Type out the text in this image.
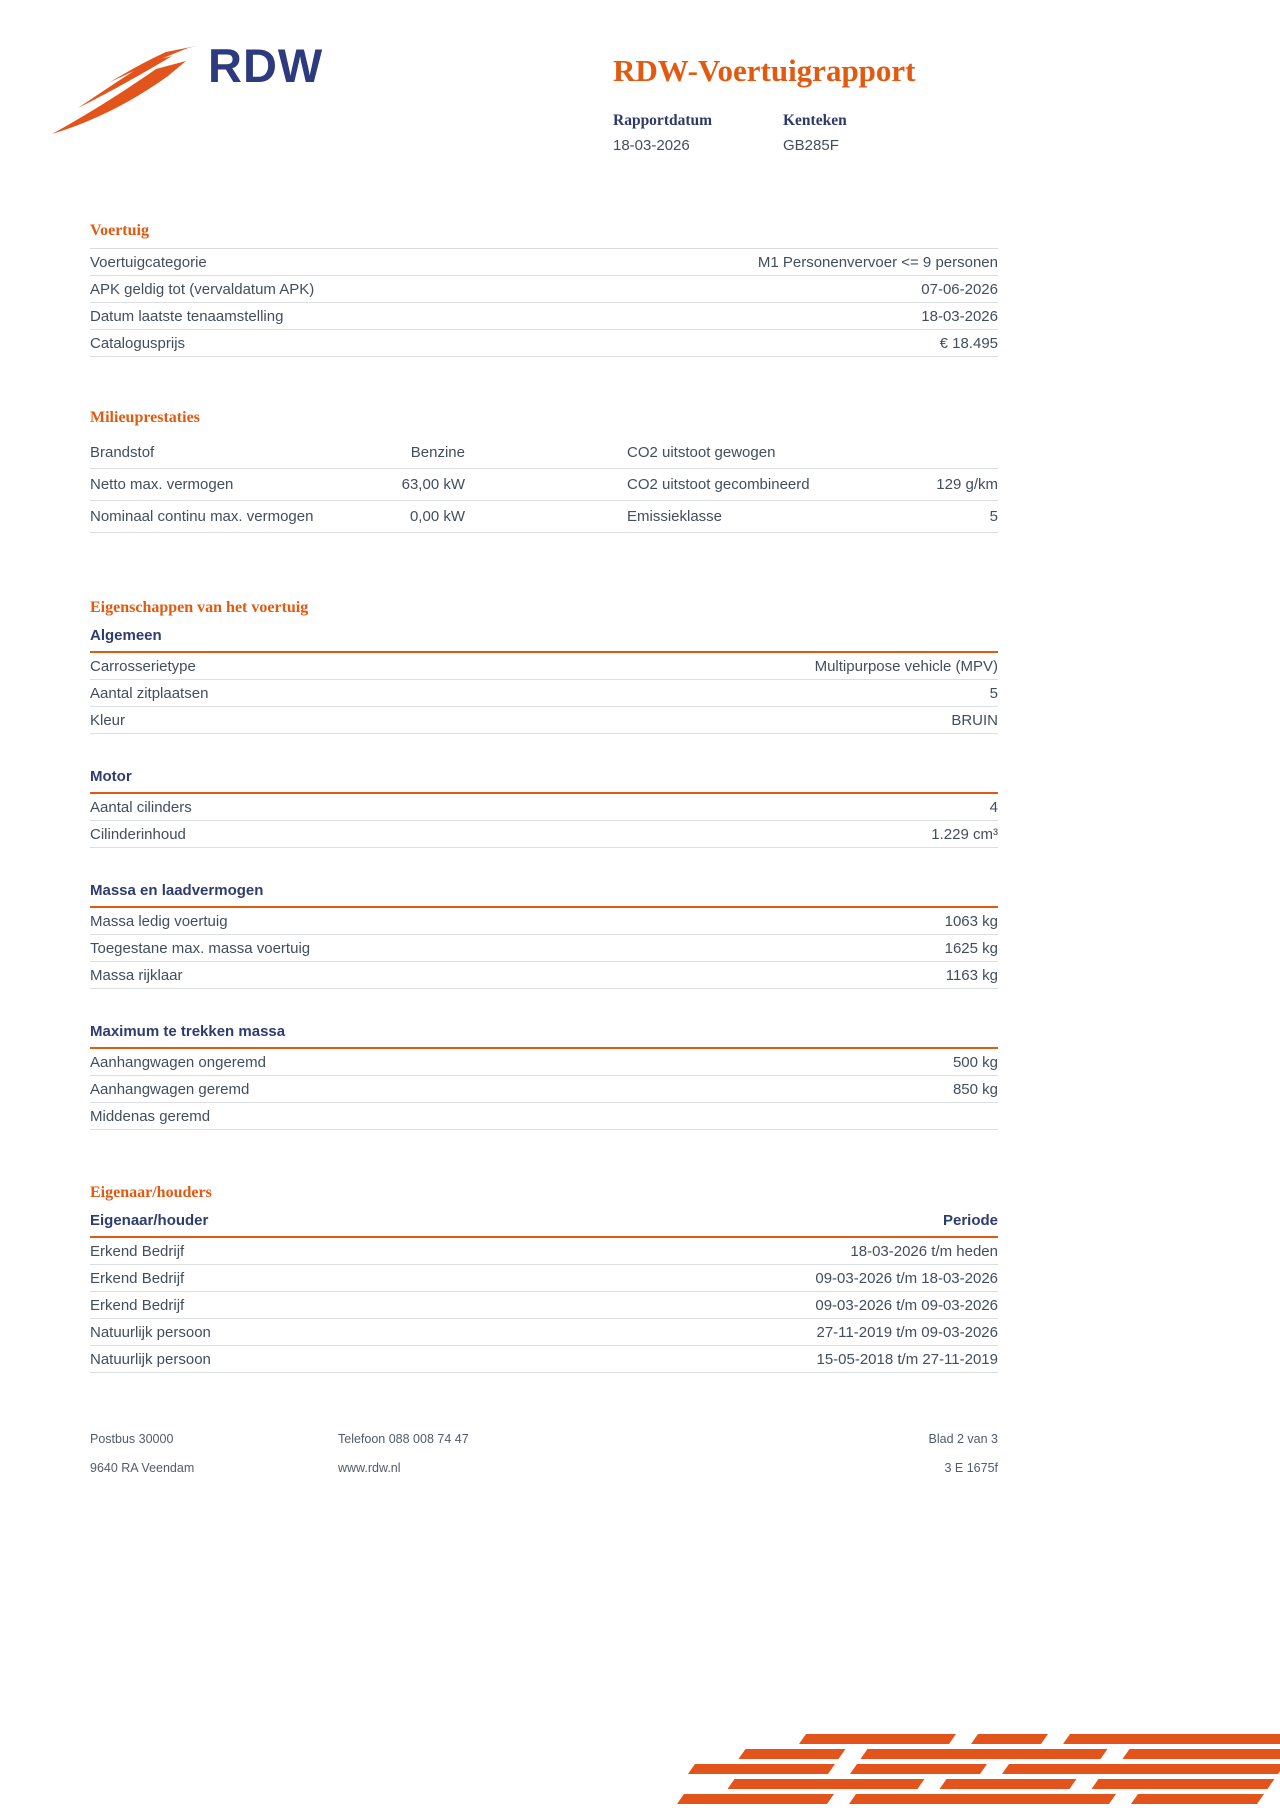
RDW	RDW-Voertuigrapport
Rapportdatum
18-03-2026
Kenteken
GB285F
Voertuig
Voertuigcategorie	M1 Personenvervoer <= 9 personen
APK geldig tot (vervaldatum APK)	07-06-2026
Datum laatste tenaamstelling	18-03-2026
Catalogusprijs	€ 18.495
Milieuprestaties
Brandstof	Benzine	CO2 uitstoot gewogen
Netto max. vermogen	63,00 kW	CO2 uitstoot gecombineerd	129 g/km
Nominaal continu max. vermogen	0,00 kW	Emissieklasse	5
Eigenschappen van het voertuig
Algemeen
Carrosserietype	Multipurpose vehicle (MPV)
Aantal zitplaatsen	5
Kleur	BRUIN
Motor
Aantal cilinders	4
Cilinderinhoud	1.229 cm³
Massa en laadvermogen
Massa ledig voertuig	1063 kg
Toegestane max. massa voertuig	1625 kg
Massa rijklaar	1163 kg
Maximum te trekken massa
Aanhangwagen ongeremd	500 kg
Aanhangwagen geremd	850 kg
Middenas geremd
Eigenaar/houders
Eigenaar/houder	Periode
Erkend Bedrijf	18-03-2026 t/m heden
Erkend Bedrijf	09-03-2026 t/m 18-03-2026
Erkend Bedrijf	09-03-2026 t/m 09-03-2026
Natuurlijk persoon	27-11-2019 t/m 09-03-2026
Natuurlijk persoon	15-05-2018 t/m 27-11-2019
Postbus 30000
9640 RA Veendam
Telefoon 088 008 74 47
www.rdw.nl
Blad 2 van 3
3 E 1675f
